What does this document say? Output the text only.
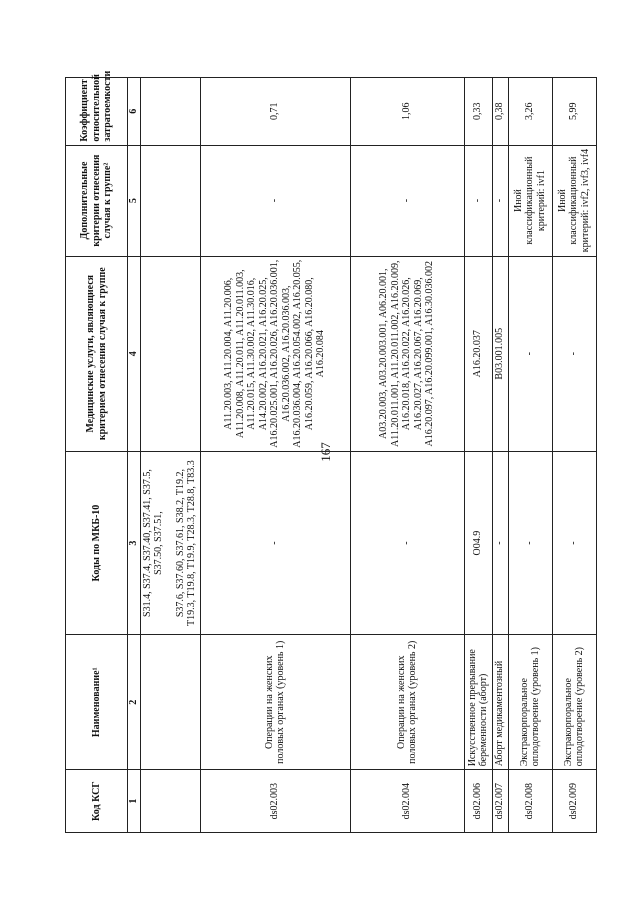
167
Код КСГ	Наименование¹	Коды по МКБ-10	Медицинские услуги, являющиеся критерием отнесения случая к группе	Дополнительные критерии отнесения случая к группе²	Коэффициент относительной затратоемкости
1	2	3	4	5	6

		S31.4, S37.4, S37.40, S37.41, S37.5, S37.50, S37.51, S37.6, S37.60, S37.61, S38.2, T19.2, T19.3, T19.8, T19.9, T28.3, T28.8, T83.3			

ds02.003	Операции на женских половых органах (уровень 1)	-	A11.20.003, A11.20.004, A11.20.006, A11.20.008, A11.20.011, A11.20.011.003, A11.20.015, A11.30.002, A11.30.016, A14.20.002, A16.20.021, A16.20.025, A16.20.025.001, A16.20.026, A16.20.036.001, A16.20.036.002, A16.20.036.003, A16.20.036.004, A16.20.054.002, A16.20.055, A16.20.059, A16.20.066, A16.20.080, A16.20.084	-	0,71
ds02.004	Операции на женских половых органах (уровень 2)	-	A03.20.003, A03.20.003.001, A06.20.001, A11.20.011.001, A11.20.011.002, A16.20.009, A16.20.018, A16.20.022, A16.20.026, A16.20.027, A16.20.067, A16.20.069, A16.20.097, A16.20.099.001, A16.30.036.002	-	1,06
ds02.006	Искусственное прерывание беременности (аборт)	O04.9	A16.20.037	-	0,33
ds02.007	Аборт медикаментозный	-	B03.001.005	-	0,38
ds02.008	Экстракорпоральное оплодотворение (уровень 1)	-	-	Иной классификационный критерий: ivf1	3,26
ds02.009	Экстракорпоральное оплодотворение (уровень 2)	-	-	Иной классификационный критерий: ivf2, ivf3, ivf4	5,99
